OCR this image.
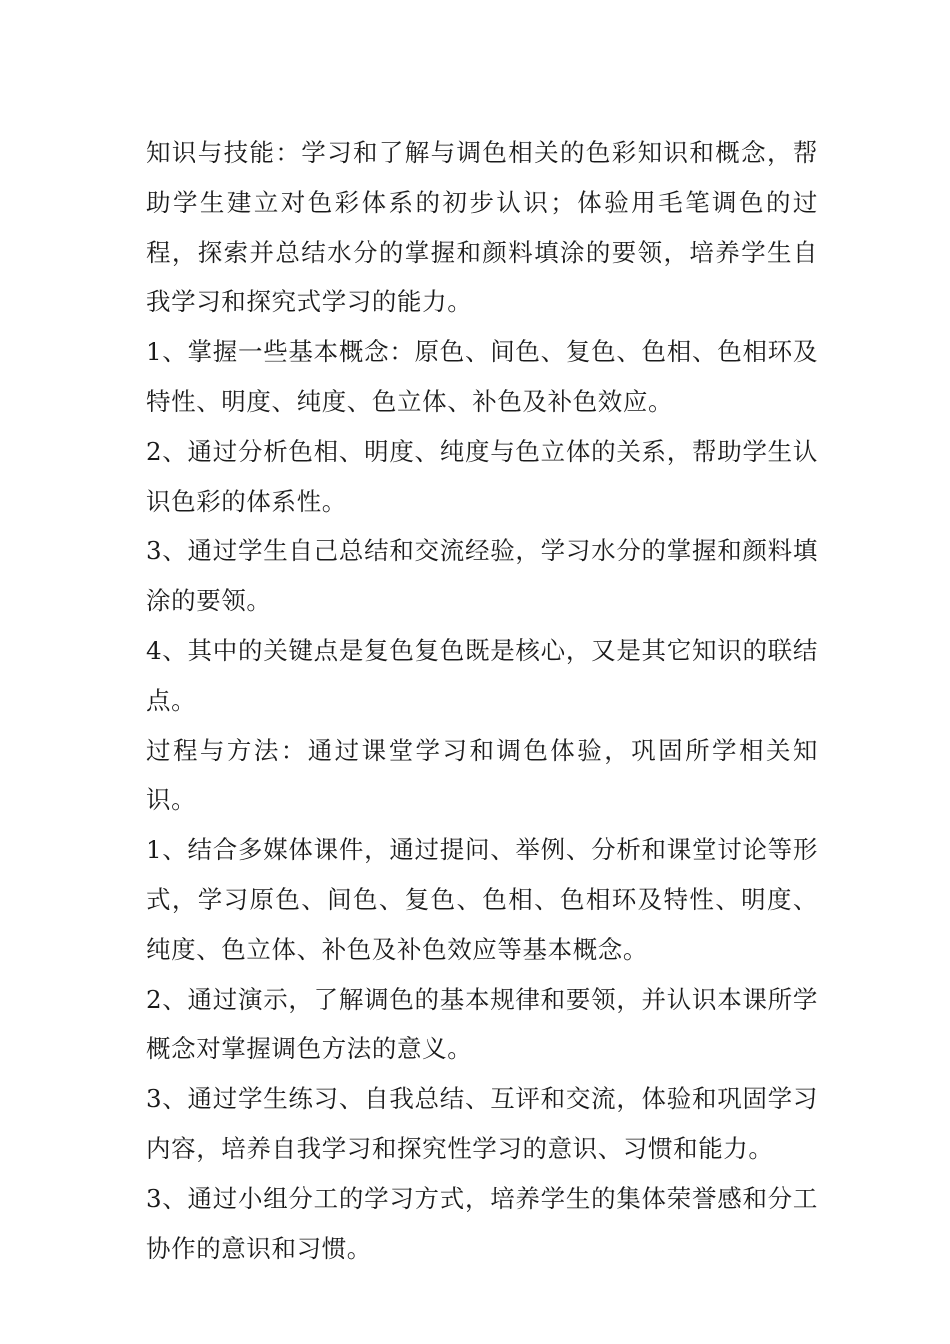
知识与技能：学习和了解与调色相关的色彩知识和概念，帮助学生建立对色彩体系的初步认识；体验用毛笔调色的过程，探索并总结水分的掌握和颜料填涂的要领，培养学生自我学习和探究式学习的能力。

1、掌握一些基本概念：原色、间色、复色、色相、色相环及特性、明度、纯度、色立体、补色及补色效应。

2、通过分析色相、明度、纯度与色立体的关系，帮助学生认识色彩的体系性。

3、通过学生自己总结和交流经验，学习水分的掌握和颜料填涂的要领。

4、其中的关键点是复色复色既是核心，又是其它知识的联结点。

过程与方法：通过课堂学习和调色体验，巩固所学相关知识。

1、结合多媒体课件，通过提问、举例、分析和课堂讨论等形式，学习原色、间色、复色、色相、色相环及特性、明度、纯度、色立体、补色及补色效应等基本概念。

2、通过演示，了解调色的基本规律和要领，并认识本课所学概念对掌握调色方法的意义。

3、通过学生练习、自我总结、互评和交流，体验和巩固学习内容，培养自我学习和探究性学习的意识、习惯和能力。

3、通过小组分工的学习方式，培养学生的集体荣誉感和分工协作的意识和习惯。
